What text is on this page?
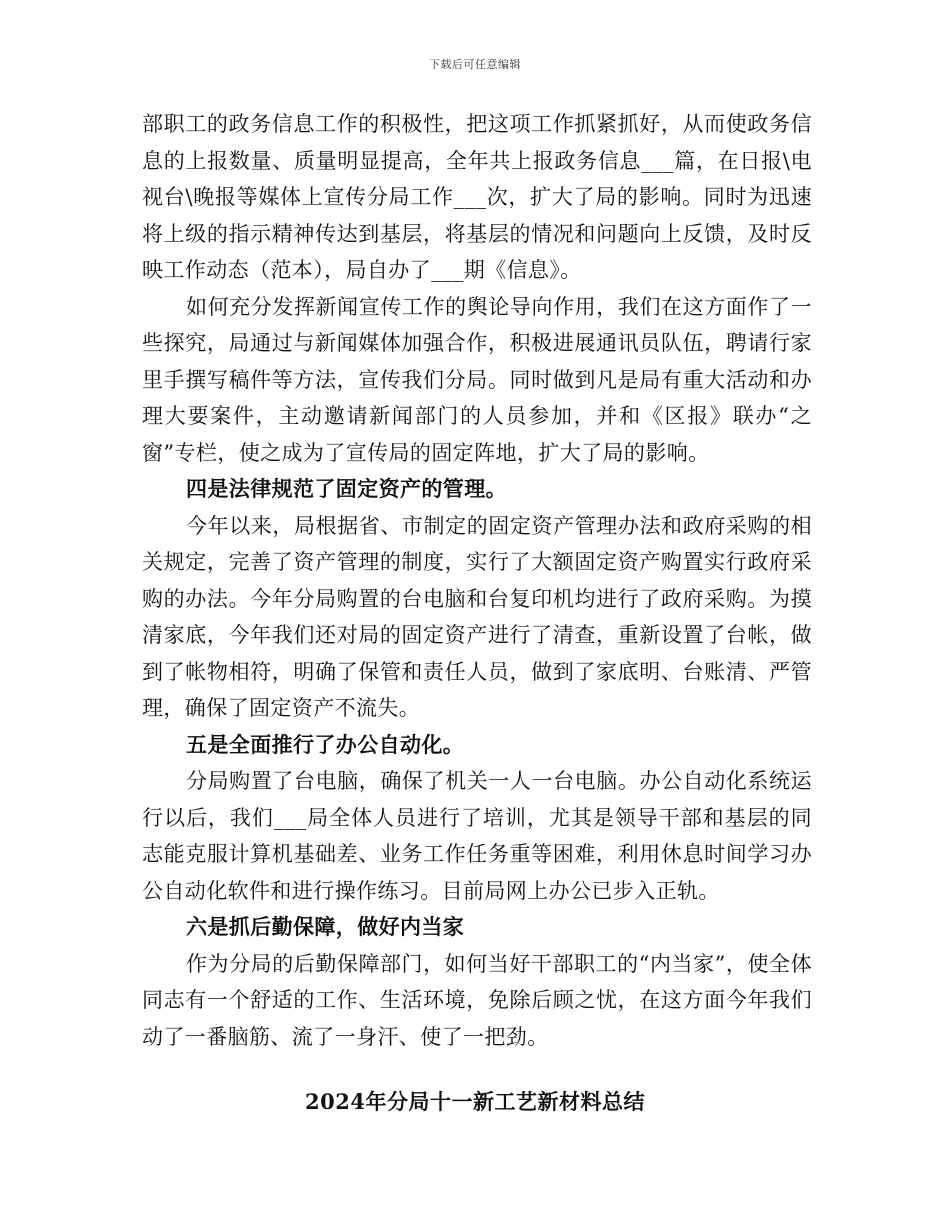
下载后可任意编辑

部职工的政务信息工作的积极性，把这项工作抓紧抓好，从而使政务信息的上报数量、质量明显提高，全年共上报政务信息___篇，在日报\电视台\晚报等媒体上宣传分局工作___次，扩大了局的影响。同时为迅速将上级的指示精神传达到基层，将基层的情况和问题向上反馈，及时反映工作动态（范本），局自办了___期《信息》。

如何充分发挥新闻宣传工作的舆论导向作用，我们在这方面作了一些探究，局通过与新闻媒体加强合作，积极进展通讯员队伍，聘请行家里手撰写稿件等方法，宣传我们分局。同时做到凡是局有重大活动和办理大要案件，主动邀请新闻部门的人员参加，并和《区报》联办“之窗”专栏，使之成为了宣传局的固定阵地，扩大了局的影响。

四是法律规范了固定资产的管理。

今年以来，局根据省、市制定的固定资产管理办法和政府采购的相关规定，完善了资产管理的制度，实行了大额固定资产购置实行政府采购的办法。今年分局购置的台电脑和台复印机均进行了政府采购。为摸清家底，今年我们还对局的固定资产进行了清查，重新设置了台帐，做到了帐物相符，明确了保管和责任人员，做到了家底明、台账清、严管理，确保了固定资产不流失。

五是全面推行了办公自动化。

分局购置了台电脑，确保了机关一人一台电脑。办公自动化系统运行以后，我们___局全体人员进行了培训，尤其是领导干部和基层的同志能克服计算机基础差、业务工作任务重等困难，利用休息时间学习办公自动化软件和进行操作练习。目前局网上办公已步入正轨。

六是抓后勤保障，做好内当家

作为分局的后勤保障部门，如何当好干部职工的“内当家”，使全体同志有一个舒适的工作、生活环境，免除后顾之忧，在这方面今年我们动了一番脑筋、流了一身汗、使了一把劲。

2024年分局十一新工艺新材料总结
